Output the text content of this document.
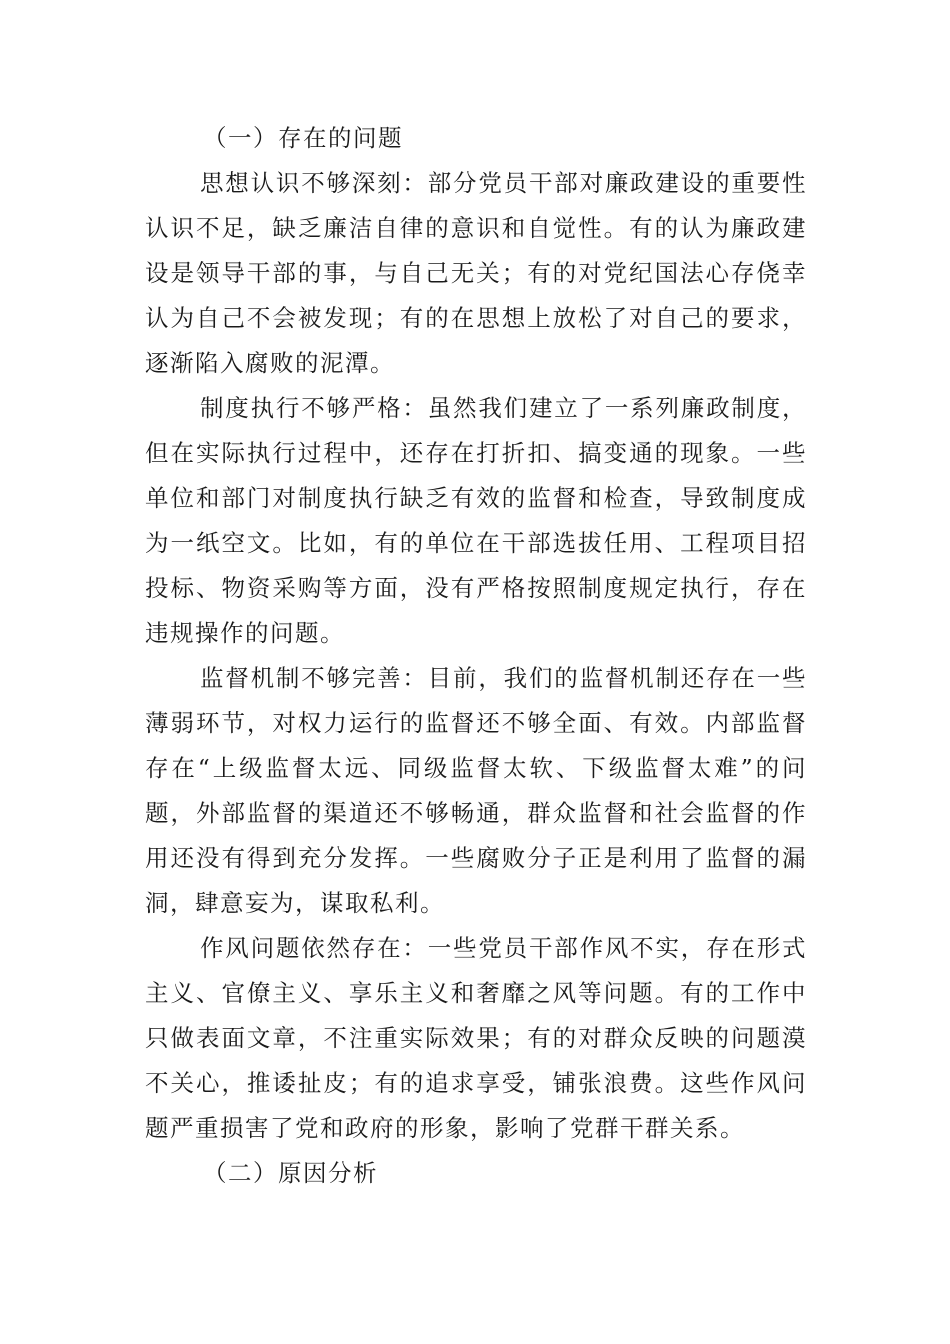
（一）存在的问题

思想认识不够深刻：部分党员干部对廉政建设的重要性认识不足，缺乏廉洁自律的意识和自觉性。有的认为廉政建设是领导干部的事，与自己无关；有的对党纪国法心存侥幸认为自己不会被发现；有的在思想上放松了对自己的要求，逐渐陷入腐败的泥潭。

制度执行不够严格：虽然我们建立了一系列廉政制度，但在实际执行过程中，还存在打折扣、搞变通的现象。一些单位和部门对制度执行缺乏有效的监督和检查，导致制度成为一纸空文。比如，有的单位在干部选拔任用、工程项目招投标、物资采购等方面，没有严格按照制度规定执行，存在违规操作的问题。

监督机制不够完善：目前，我们的监督机制还存在一些薄弱环节，对权力运行的监督还不够全面、有效。内部监督存在“上级监督太远、同级监督太软、下级监督太难”的问题，外部监督的渠道还不够畅通，群众监督和社会监督的作用还没有得到充分发挥。一些腐败分子正是利用了监督的漏洞，肆意妄为，谋取私利。

作风问题依然存在：一些党员干部作风不实，存在形式主义、官僚主义、享乐主义和奢靡之风等问题。有的工作中只做表面文章，不注重实际效果；有的对群众反映的问题漠不关心，推诿扯皮；有的追求享受，铺张浪费。这些作风问题严重损害了党和政府的形象，影响了党群干群关系。

（二）原因分析
